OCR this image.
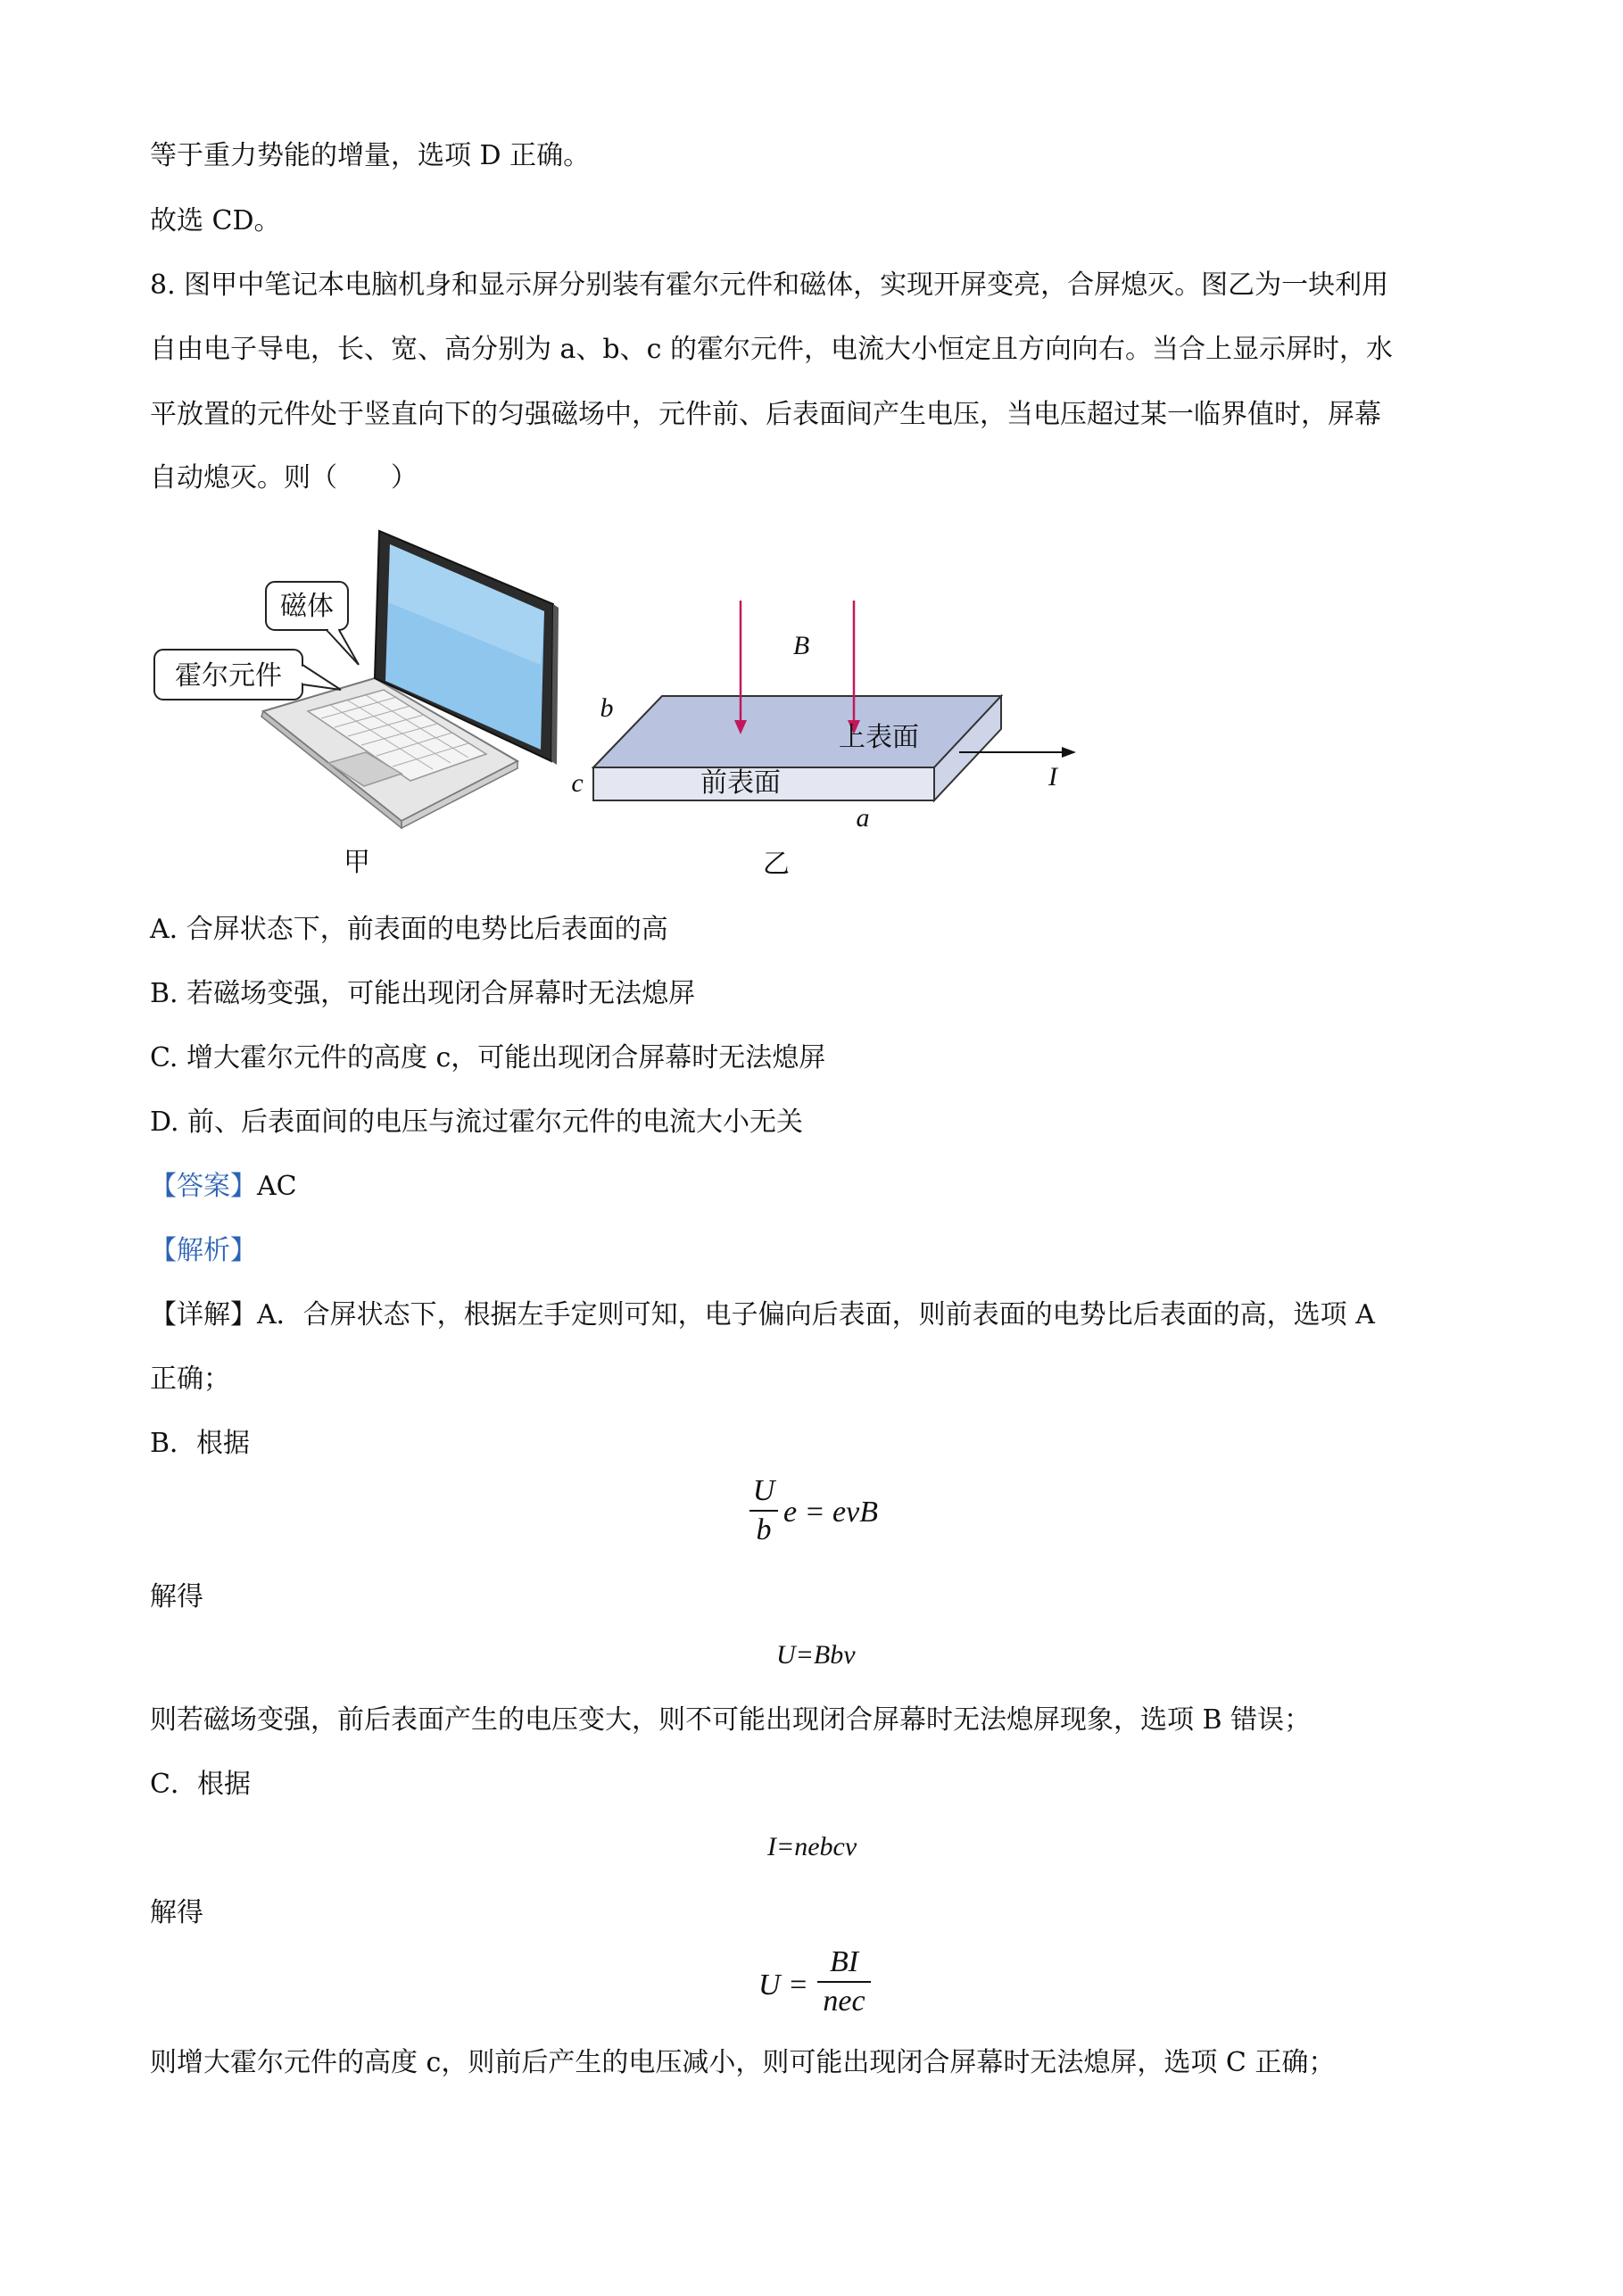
等于重力势能的增量，选项 D 正确。
故选 CD。
8. 图甲中笔记本电脑机身和显示屏分别装有霍尔元件和磁体，实现开屏变亮，合屏熄灭。图乙为一块利用
自由电子导电，长、宽、高分别为 a、b、c 的霍尔元件，电流大小恒定且方向向右。当合上显示屏时，水
平放置的元件处于竖直向下的匀强磁场中，元件前、后表面间产生电压，当电压超过某一临界值时，屏幕
自动熄灭。则（　　）
磁体
霍尔元件
甲
B
b
c
a
I
上表面
前表面
乙
A. 合屏状态下，前表面的电势比后表面的高
B. 若磁场变强，可能出现闭合屏幕时无法熄屏
C. 增大霍尔元件的高度 c，可能出现闭合屏幕时无法熄屏
D. 前、后表面间的电压与流过霍尔元件的电流大小无关
【答案】AC
【解析】
【详解】A．合屏状态下，根据左手定则可知，电子偏向后表面，则前表面的电势比后表面的高，选项 A
正确；
B．根据
U
b
e = evB
解得
U=Bbv
则若磁场变强，前后表面产生的电压变大，则不可能出现闭合屏幕时无法熄屏现象，选项 B 错误；
C．根据
I=nebcv
解得
U =
BI
nec
则增大霍尔元件的高度 c，则前后产生的电压减小，则可能出现闭合屏幕时无法熄屏，选项 C 正确；
